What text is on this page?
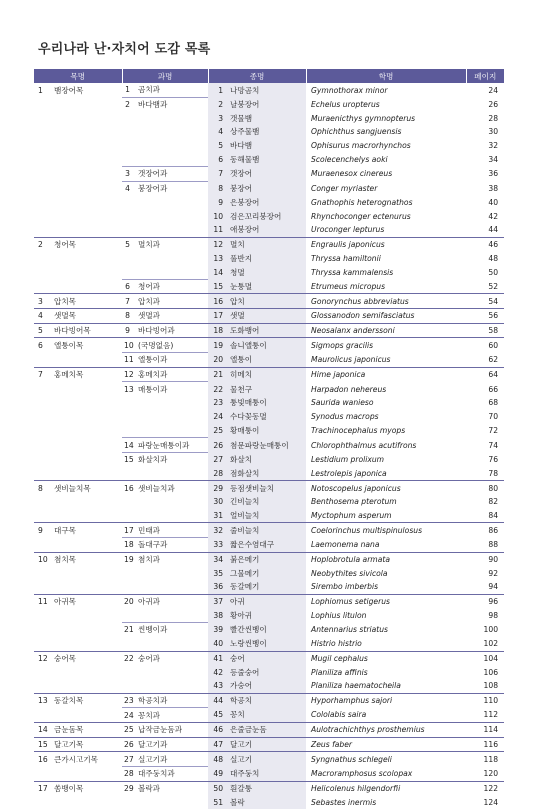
우리나라 난·자치어 도감 목록
목명		과명		종명		학명	페이지
1	뱀장어목	1	곰치과	1	나망곰치	Gymnothorax minor	24
		2	바다뱀과	2	날붕장어	Echelus uropterus	26
				3	갯물뱀	Muraenicthys gymnopterus	28
				4	상주물뱀	Ophichthus sangjuensis	30
				5	바다뱀	Ophisurus macrorhynchos	32
				6	동해물뱀	Scolecenchelys aoki	34
		3	갯장어과	7	갯장어	Muraenesox cinereus	36
		4	붕장어과	8	붕장어	Conger myriaster	38
				9	은붕장어	Gnathophis heterognathos	40
				10	검은꼬리붕장어	Rhynchoconger ectenurus	42
				11	애붕장어	Uroconger lepturus	44
2	청어목	5	멸치과	12	멸치	Engraulis japonicus	46
				13	풀반지	Thryssa hamiltonii	48
				14	청멸	Thryssa kammalensis	50
		6	청어과	15	눈퉁멸	Etrumeus micropus	52
3	압치목	7	압치과	16	압치	Gonorynchus abbreviatus	54
4	샛멸목	8	샛멸과	17	샛멸	Glossanodon semifasciatus	56
5	바다빙어목	9	바다빙어과	18	도화뱅어	Neosalanx anderssoni	58
6	앨퉁이목	10	(국명없음)	19	솔니앨퉁이	Sigmops gracilis	60
		11	앨퉁이과	20	앨퉁이	Maurolicus japonicus	62
7	홍메치목	12	홍메치과	21	히메치	Hime japonica	64
		13	매퉁이과	22	물천구	Harpadon nehereus	66
				23	퉁빛매퉁이	Saurida wanieso	68
				24	수다꽃동멸	Synodus macrops	70
				25	황매퉁이	Trachinocephalus myops	72
		14	파랑눈매퉁이과	26	첨문파랑눈매퉁이	Chlorophthalmus acutifrons	74
		15	화살치과	27	화살치	Lestidium prolixum	76
				28	점화살치	Lestrolepis japonica	78
8	샛비늘치목	16	샛비늘치과	29	등점샛비늘치	Notoscopelus japonicus	80
				30	긴비늘치	Benthosema pterotum	82
				31	얼비늘치	Myctophum asperum	84
9	대구목	17	민태과	32	줄비늘치	Coelorinchus multispinulosus	86
		18	돌대구과	33	짧은수염대구	Laemonema nana	88
10	첨치목	19	첨치과	34	붉은메기	Hoplobrotula armata	90
				35	그물메기	Neobythites sivicola	92
				36	동갈메기	Sirembo imberbis	94
11	아귀목	20	아귀과	37	아귀	Lophiomus setigerus	96
				38	황아귀	Lophius litulon	98
		21	씬벵이과	39	빨간씬벵이	Antennarius striatus	100
				40	노랑씬벵이	Histrio histrio	102
12	숭어목	22	숭어과	41	숭어	Mugil cephalus	104
				42	등줄숭어	Planiliza affinis	106
				43	가숭어	Planiliza haematocheila	108
13	동갈치목	23	학공치과	44	학공치	Hyporhamphus sajori	110
		24	꽁치과	45	꽁치	Cololabis saira	112
14	금눈돔목	25	납작금눈돔과	46	은줄금눈돔	Aulotrachichthys prosthemius	114
15	달고기목	26	달고기과	47	달고기	Zeus faber	116
16	큰가시고기목	27	실고기과	48	실고기	Syngnathus schlegeli	118
		28	대주둥치과	49	대주둥치	Macroramphosus scolopax	120
17	쏨뱅이목	29	볼락과	50	흰갈퉁	Helicolenus hilgendorfii	122
				51	볼락	Sebastes inermis	124
